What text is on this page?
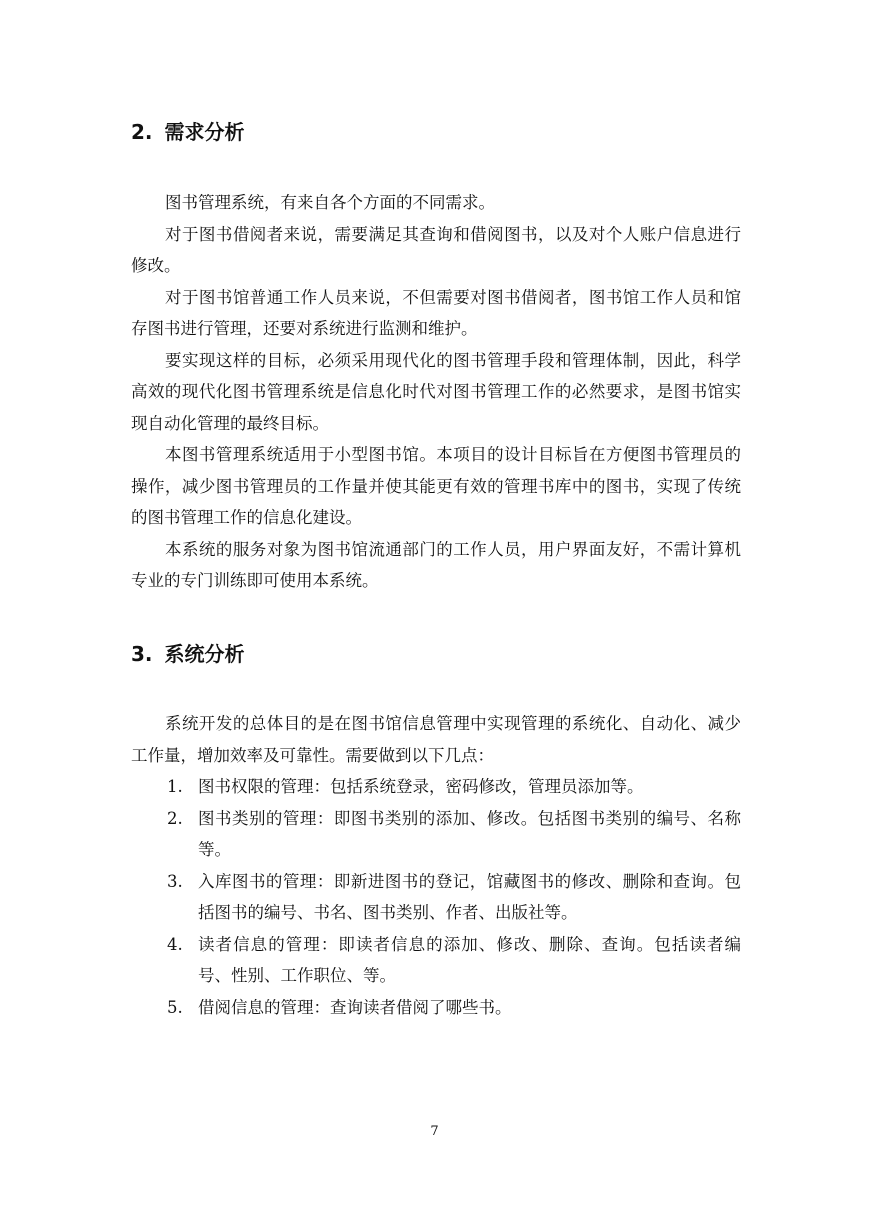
2. 需求分析

图书管理系统，有来自各个方面的不同需求。

对于图书借阅者来说，需要满足其查询和借阅图书，以及对个人账户信息进行修改。

对于图书馆普通工作人员来说，不但需要对图书借阅者，图书馆工作人员和馆存图书进行管理，还要对系统进行监测和维护。

要实现这样的目标，必须采用现代化的图书管理手段和管理体制，因此，科学高效的现代化图书管理系统是信息化时代对图书管理工作的必然要求，是图书馆实现自动化管理的最终目标。

本图书管理系统适用于小型图书馆。本项目的设计目标旨在方便图书管理员的操作，减少图书管理员的工作量并使其能更有效的管理书库中的图书，实现了传统的图书管理工作的信息化建设。

本系统的服务对象为图书馆流通部门的工作人员，用户界面友好，不需计算机专业的专门训练即可使用本系统。

3. 系统分析

系统开发的总体目的是在图书馆信息管理中实现管理的系统化、自动化、减少工作量，增加效率及可靠性。需要做到以下几点：

1. 图书权限的管理：包括系统登录，密码修改，管理员添加等。
2. 图书类别的管理：即图书类别的添加、修改。包括图书类别的编号、名称等。
3. 入库图书的管理：即新进图书的登记，馆藏图书的修改、删除和查询。包括图书的编号、书名、图书类别、作者、出版社等。
4. 读者信息的管理：即读者信息的添加、修改、删除、查询。包括读者编号、性别、工作职位、等。
5. 借阅信息的管理：查询读者借阅了哪些书。
7
